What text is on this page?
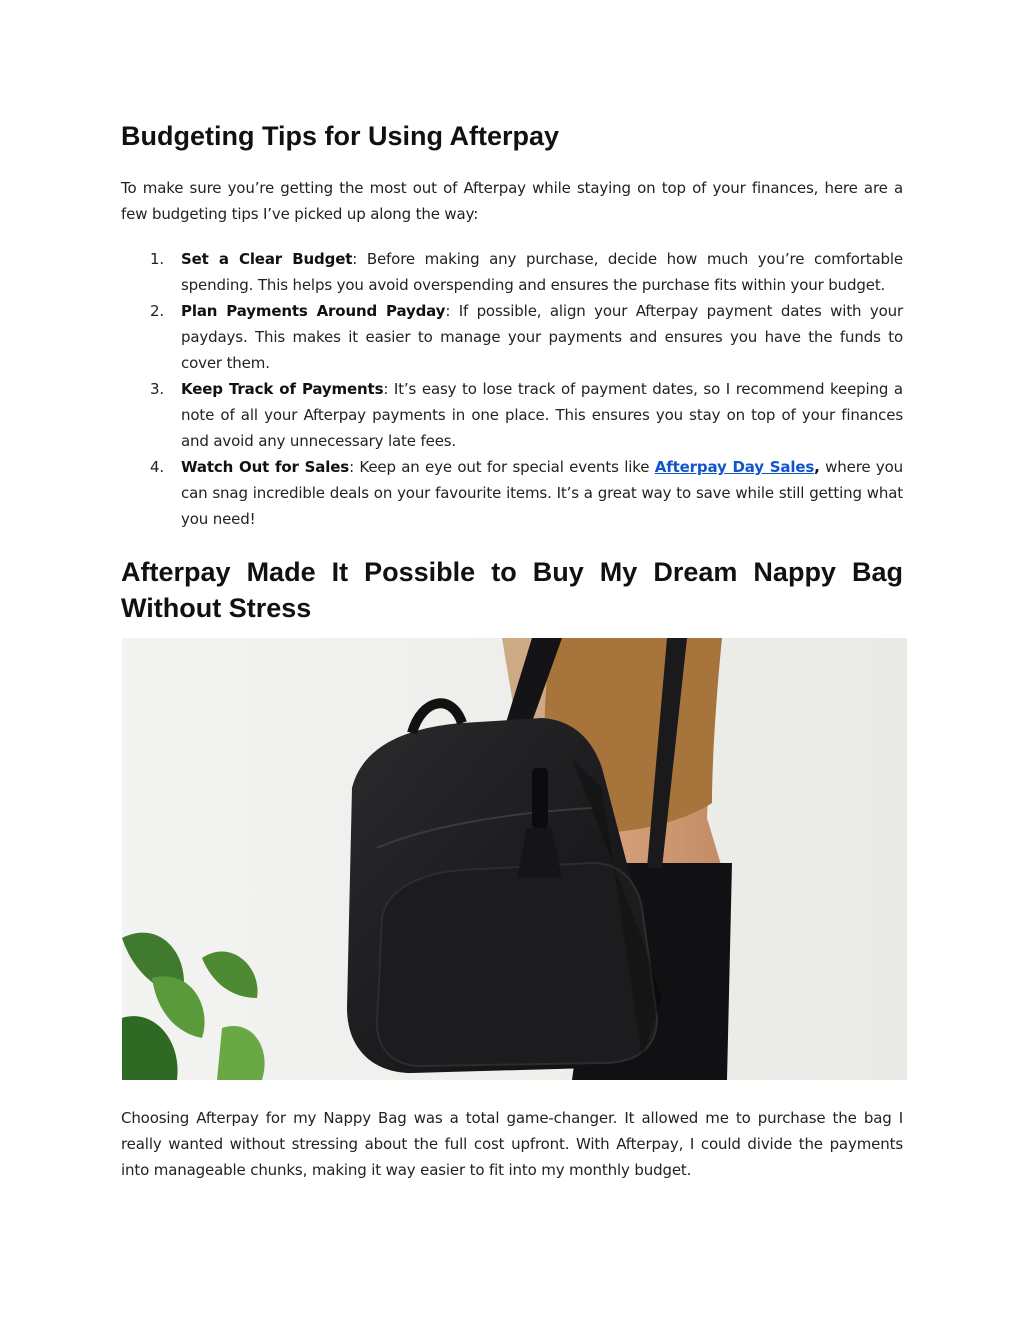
Budgeting Tips for Using Afterpay

To make sure you’re getting the most out of Afterpay while staying on top of your finances, here are a few budgeting tips I’ve picked up along the way:

1. Set a Clear Budget: Before making any purchase, decide how much you’re comfortable spending. This helps you avoid overspending and ensures the purchase fits within your budget.
2. Plan Payments Around Payday: If possible, align your Afterpay payment dates with your paydays. This makes it easier to manage your payments and ensures you have the funds to cover them.
3. Keep Track of Payments: It’s easy to lose track of payment dates, so I recommend keeping a note of all your Afterpay payments in one place. This ensures you stay on top of your finances and avoid any unnecessary late fees.
4. Watch Out for Sales: Keep an eye out for special events like Afterpay Day Sales, where you can snag incredible deals on your favourite items. It’s a great way to save while still getting what you need!
Afterpay Made It Possible to Buy My Dream Nappy Bag Without Stress

Choosing Afterpay for my Nappy Bag was a total game-changer. It allowed me to purchase the bag I really wanted without stressing about the full cost upfront. With Afterpay, I could divide the payments into manageable chunks, making it way easier to fit into my monthly budget.
